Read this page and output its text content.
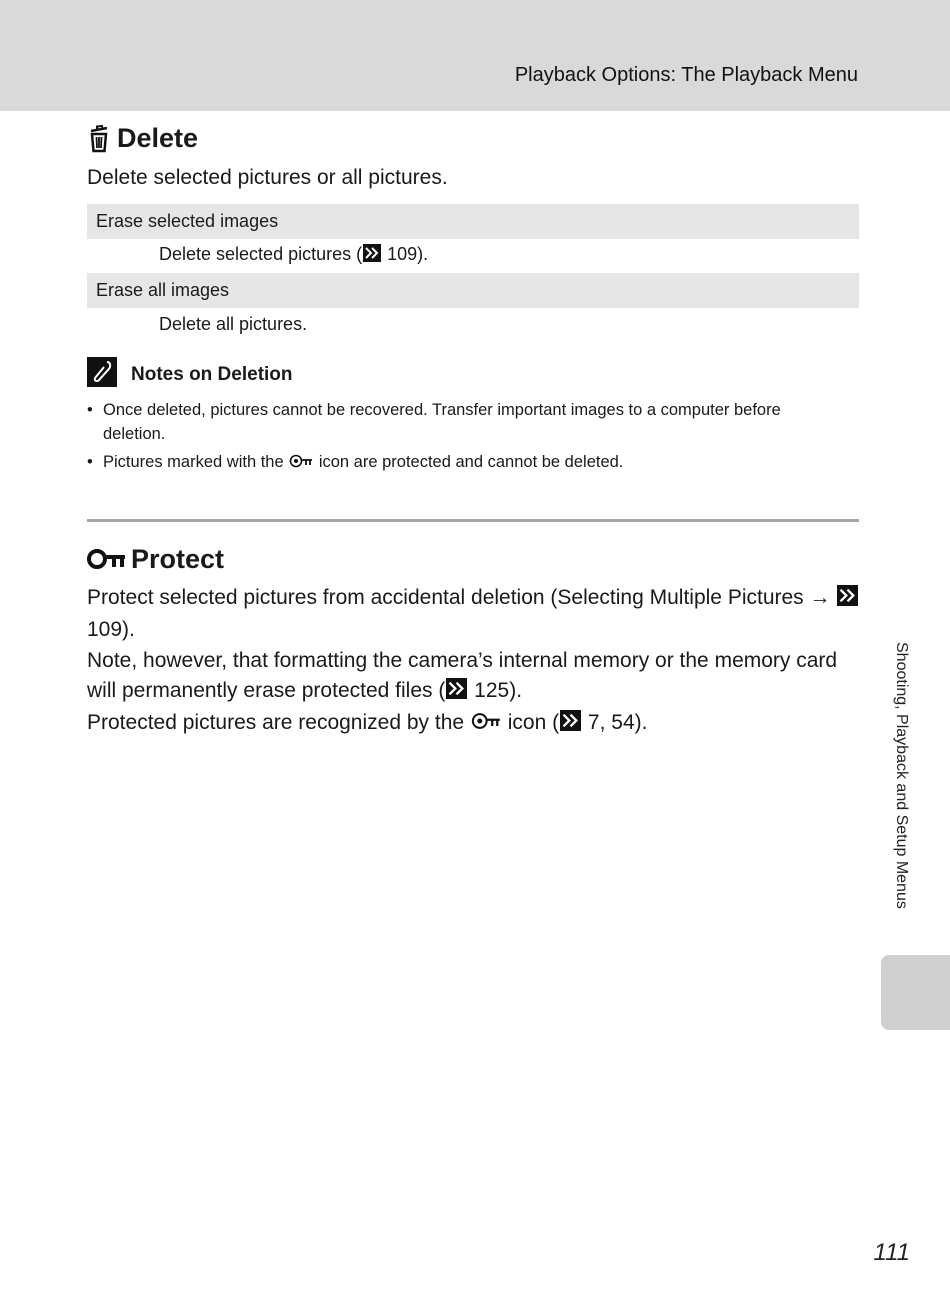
Playback Options: The Playback Menu
Delete
Delete selected pictures or all pictures.
Erase selected images
Delete selected pictures ( 109).
Erase all images
Delete all pictures.
Notes on Deletion
• Once deleted, pictures cannot be recovered. Transfer important images to a computer before deletion.
• Pictures marked with the  icon are protected and cannot be deleted.
Protect
Protect selected pictures from accidental deletion (Selecting Multiple Pictures →  109).
Note, however, that formatting the camera’s internal memory or the memory card will permanently erase protected files ( 125).
Protected pictures are recognized by the  icon ( 7, 54).	Shooting, Playback and Setup Menus
111
